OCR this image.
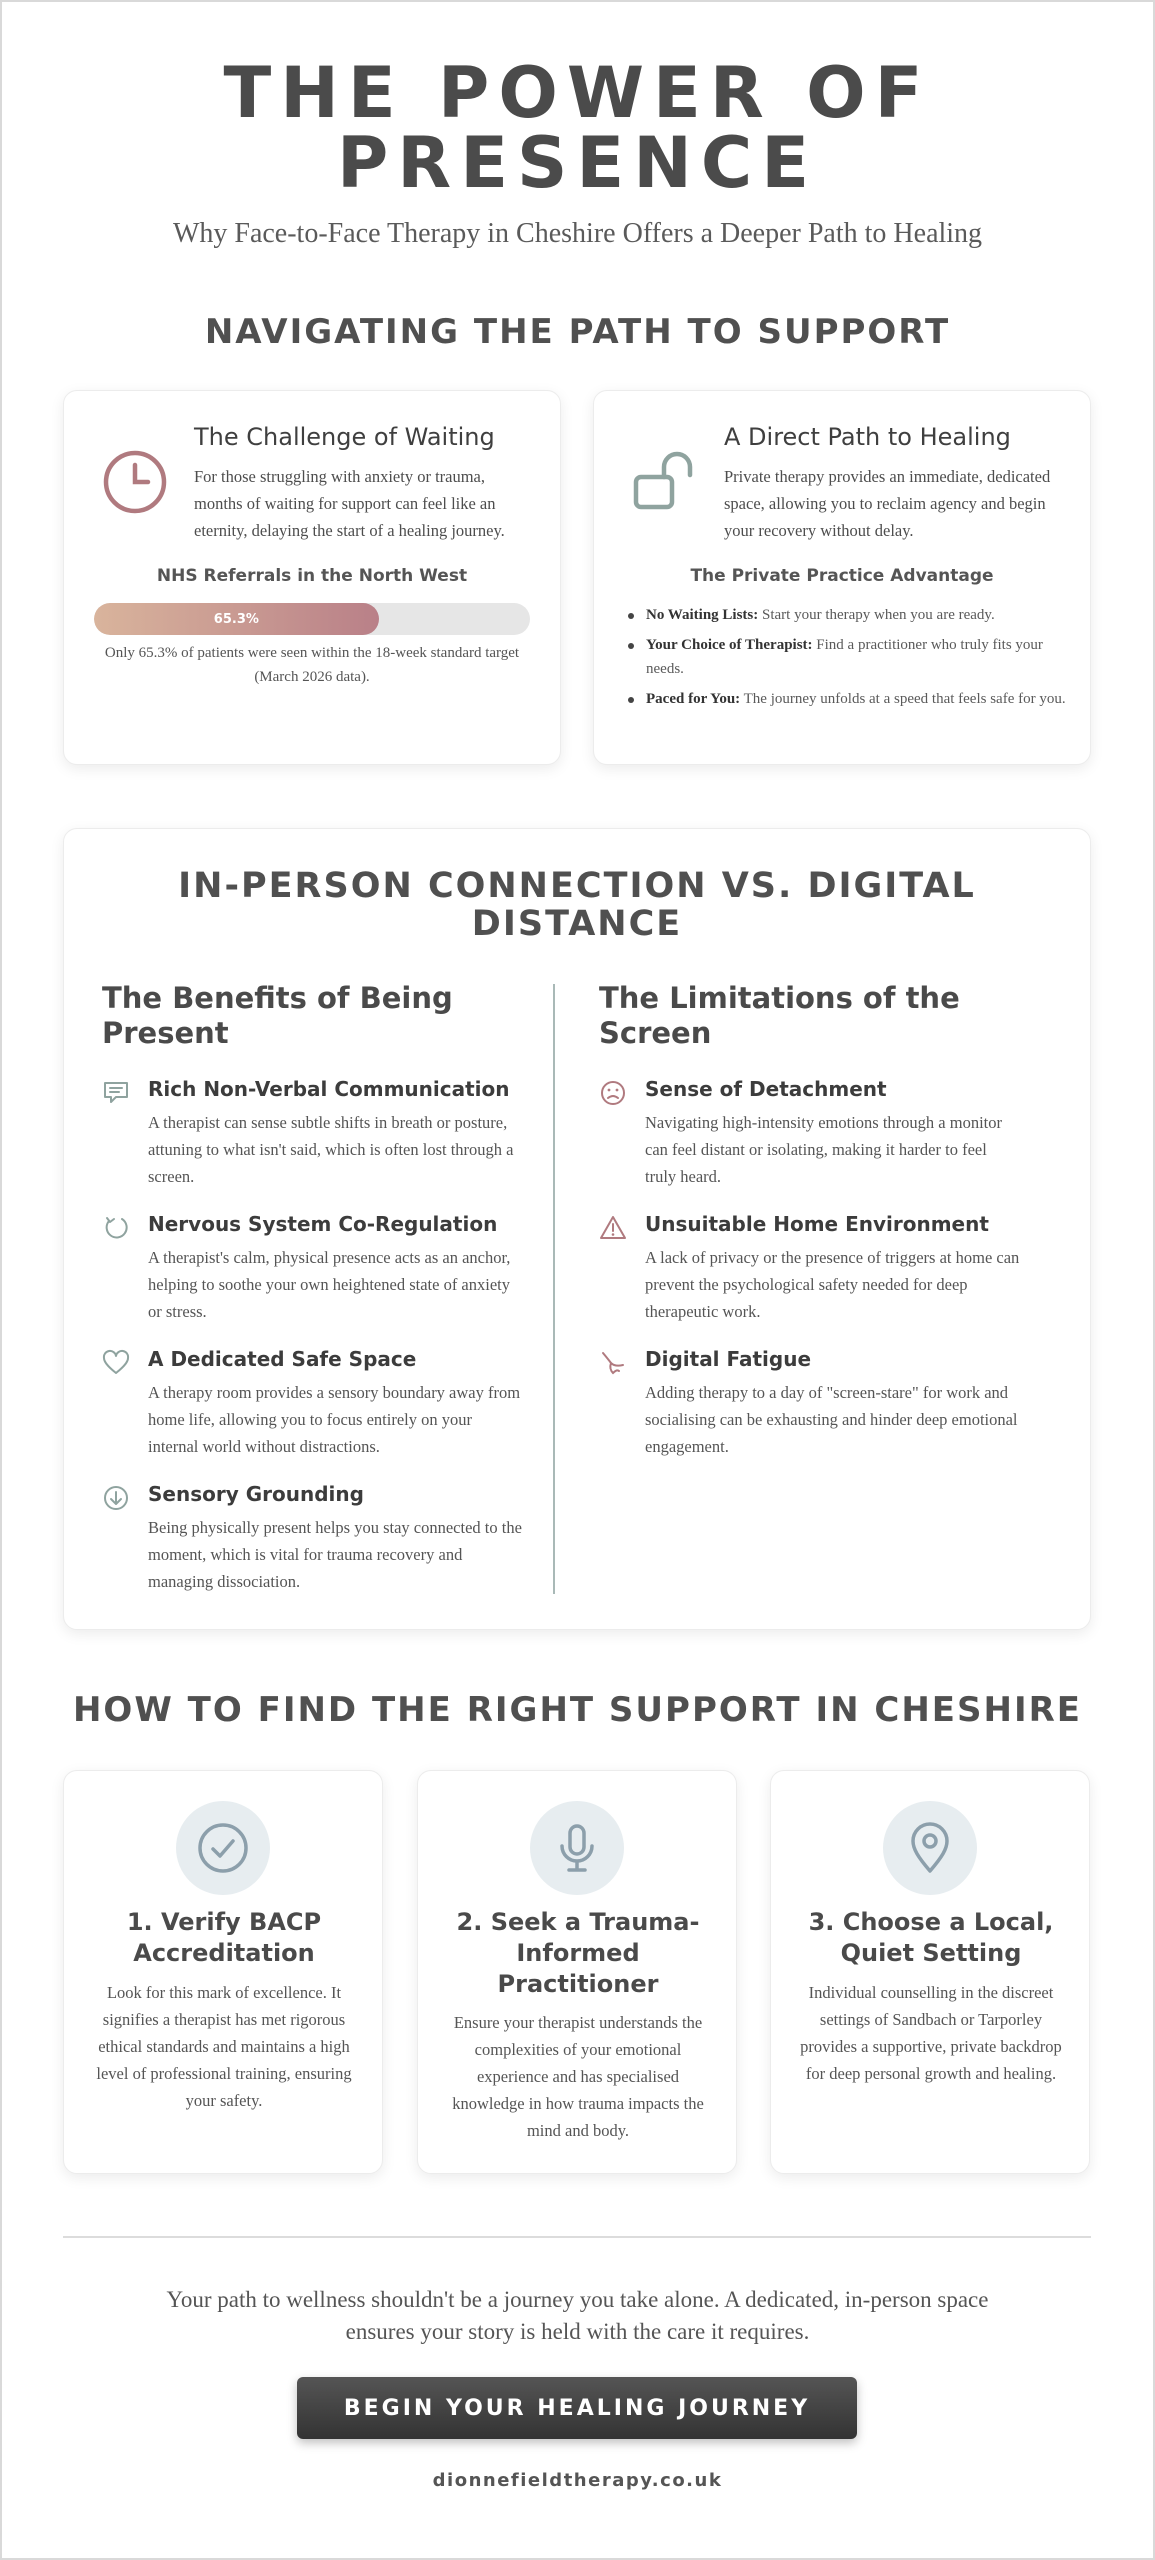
THE POWER OF
PRESENCE
Why Face-to-Face Therapy in Cheshire Offers a Deeper Path to Healing
NAVIGATING THE PATH TO SUPPORT
The Challenge of Waiting
For those struggling with anxiety or trauma, months of waiting for support can feel like an eternity, delaying the start of a healing journey.
NHS Referrals in the North West
65.3%
Only 65.3% of patients were seen within the 18-week standard target (March 2026 data).
A Direct Path to Healing
Private therapy provides an immediate, dedicated space, allowing you to reclaim agency and begin your recovery without delay.
The Private Practice Advantage
No Waiting Lists: Start your therapy when you are ready.
Your Choice of Therapist: Find a practitioner who truly fits your needs.
Paced for You: The journey unfolds at a speed that feels safe for you.
IN-PERSON CONNECTION VS. DIGITAL
DISTANCE
The Benefits of Being
Present
The Limitations of the
Screen
Rich Non-Verbal Communication
A therapist can sense subtle shifts in breath or posture, attuning to what isn't said, which is often lost through a screen.
Nervous System Co-Regulation
A therapist's calm, physical presence acts as an anchor, helping to soothe your own heightened state of anxiety or stress.
A Dedicated Safe Space
A therapy room provides a sensory boundary away from home life, allowing you to focus entirely on your internal world without distractions.
Sensory Grounding
Being physically present helps you stay connected to the moment, which is vital for trauma recovery and managing dissociation.
Sense of Detachment
Navigating high-intensity emotions through a monitor can feel distant or isolating, making it harder to feel truly heard.
Unsuitable Home Environment
A lack of privacy or the presence of triggers at home can prevent the psychological safety needed for deep therapeutic work.
Digital Fatigue
Adding therapy to a day of "screen-stare" for work and socialising can be exhausting and hinder deep emotional engagement.
HOW TO FIND THE RIGHT SUPPORT IN CHESHIRE
1. Verify BACP Accreditation
Look for this mark of excellence. It signifies a therapist has met rigorous ethical standards and maintains a high level of professional training, ensuring your safety.
2. Seek a Trauma-Informed Practitioner
Ensure your therapist understands the complexities of your emotional experience and has specialised knowledge in how trauma impacts the mind and body.
3. Choose a Local, Quiet Setting
Individual counselling in the discreet settings of Sandbach or Tarporley provides a supportive, private backdrop for deep personal growth and healing.
Your path to wellness shouldn't be a journey you take alone. A dedicated, in-person space ensures your story is held with the care it requires.
BEGIN YOUR HEALING JOURNEY
dionnefieldtherapy.co.uk
